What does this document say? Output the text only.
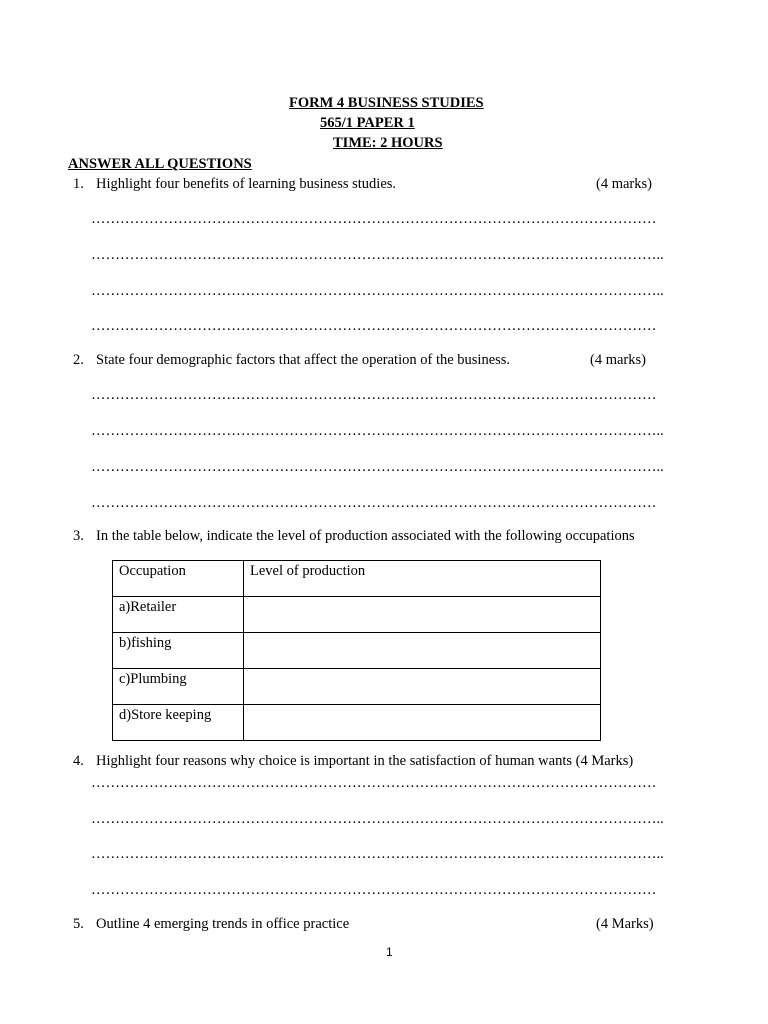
FORM 4 BUSINESS STUDIES
565/1 PAPER 1
TIME: 2 HOURS
ANSWER ALL QUESTIONS
1. Highlight four benefits of learning business studies.	(4 marks)
………………………………………………………………………………………………………
………………………………………………………………………………………………………..
………………………………………………………………………………………………………..
………………………………………………………………………………………………………
2. State four demographic factors that affect the operation of the business.	(4 marks)
………………………………………………………………………………………………………
………………………………………………………………………………………………………..
………………………………………………………………………………………………………..
………………………………………………………………………………………………………
3. In the table below, indicate the level of production associated with the following occupations
Occupation	Level of production
a)Retailer	
b)fishing	
c)Plumbing	
d)Store keeping	
4. Highlight four reasons why choice is important in the satisfaction of human wants (4 Marks)
………………………………………………………………………………………………………
………………………………………………………………………………………………………..
………………………………………………………………………………………………………..
………………………………………………………………………………………………………
5. Outline 4 emerging trends in office practice	(4 Marks)
1
